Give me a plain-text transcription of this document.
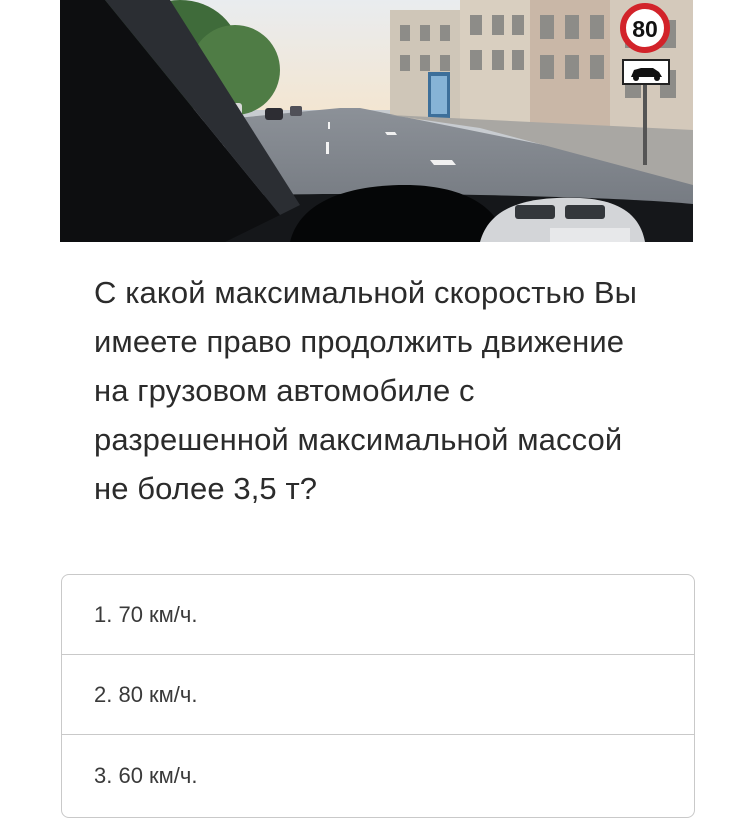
80
С какой максимальной скоростью Вы имеете право продолжить движение на грузовом автомобиле с разрешенной максимальной массой не более 3,5 т?
1. 70 км/ч.
2. 80 км/ч.
3. 60 км/ч.
